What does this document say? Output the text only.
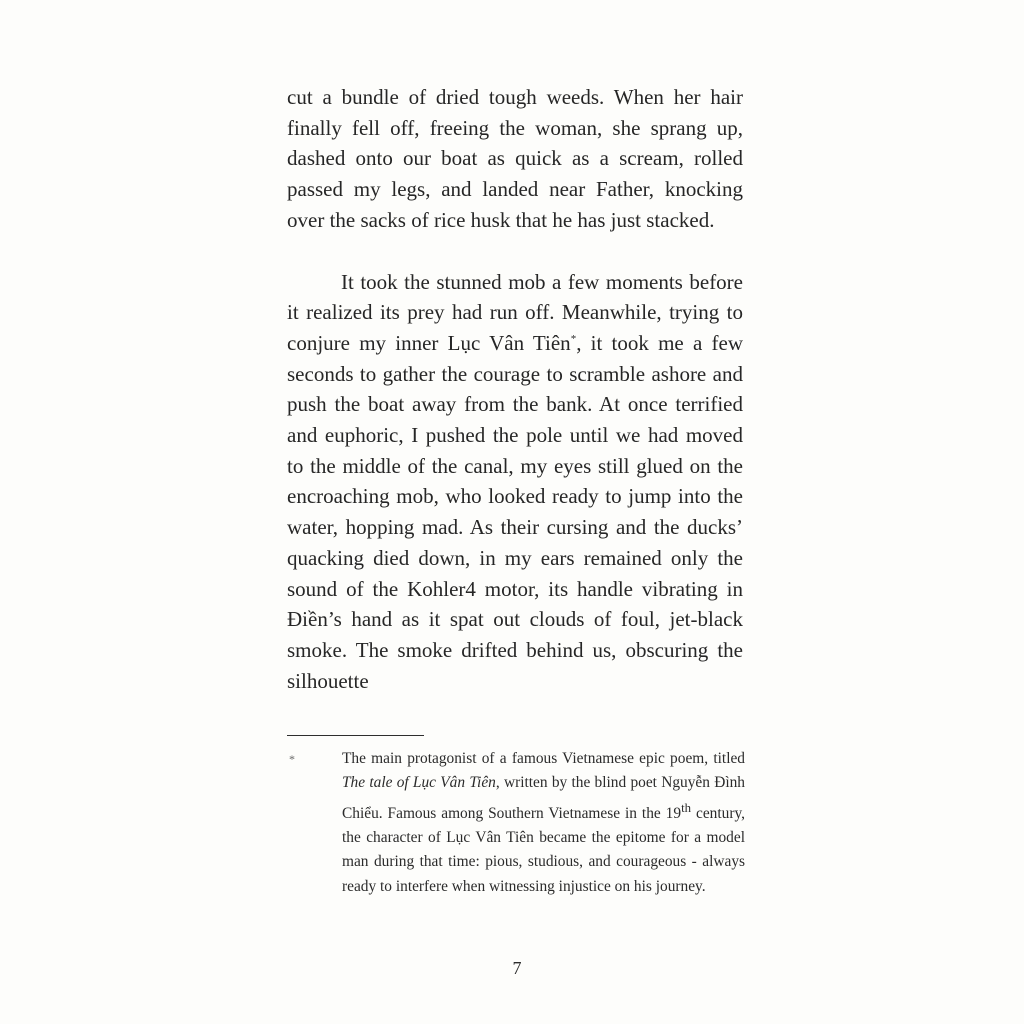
cut a bundle of dried tough weeds. When her hair finally fell off, freeing the woman, she sprang up, dashed onto our boat as quick as a scream, rolled passed my legs, and landed near Father, knocking over the sacks of rice husk that he has just stacked.

It took the stunned mob a few moments before it realized its prey had run off. Meanwhile, trying to conjure my inner Lục Vân Tiên*, it took me a few seconds to gather the courage to scramble ashore and push the boat away from the bank. At once terrified and euphoric, I pushed the pole until we had moved to the middle of the canal, my eyes still glued on the encroaching mob, who looked ready to jump into the water, hopping mad. As their cursing and the ducks’ quacking died down, in my ears remained only the sound of the Kohler4 motor, its handle vibrating in Điền’s hand as it spat out clouds of foul, jet-black smoke. The smoke drifted behind us, obscuring the silhouette

*	The main protagonist of a famous Vietnamese epic poem, titled The tale of Lục Vân Tiên, written by the blind poet Nguyễn Đình Chiểu. Famous among Southern Vietnamese in the 19th century, the character of Lục Vân Tiên became the epitome for a model man during that time: pious, studious, and courageous - always ready to interfere when witnessing injustice on his journey.
7
